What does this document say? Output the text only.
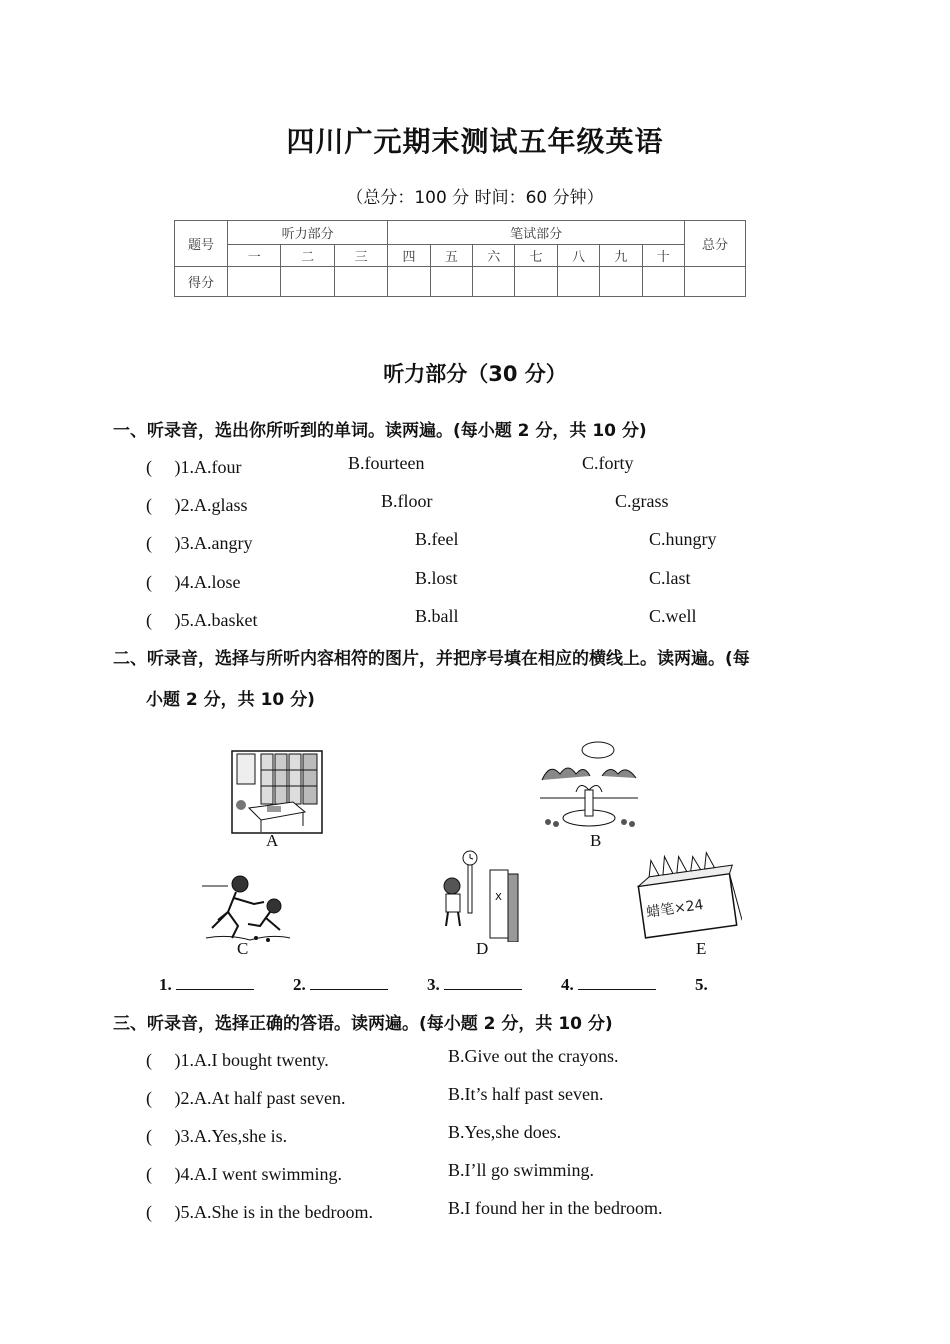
四川广元期末测试五年级英语
（总分：100 分 时间：60 分钟）
题号	听力部分			笔试部分							总分
	一	二	三	四	五	六	七	八	九	十	
得分											
听力部分（30 分）
一、听录音，选出你所听到的单词。读两遍。(每小题 2 分，共 10 分)
(　 )1.A.four	B.fourteen	C.forty
(　 )2.A.glass	B.floor	C.grass
(　 )3.A.angry	B.feel	C.hungry
(　 )4.A.lose	B.lost	C.last
(　 )5.A.basket	B.ball	C.well
二、听录音，选择与所听内容相符的图片，并把序号填在相应的横线上。读两遍。(每
小题 2 分，共 10 分)
A	B
C
X
D
蜡笔×24
E
1.	2.	3.	4.	5.
三、听录音，选择正确的答语。读两遍。(每小题 2 分，共 10 分)
(　 )1.A.I bought twenty.	B.Give out the crayons.
(　 )2.A.At half past seven.	B.It’s half past seven.
(　 )3.A.Yes,she is.	B.Yes,she does.
(　 )4.A.I went swimming.	B.I’ll go swimming.
(　 )5.A.She is in the bedroom.	B.I found her in the bedroom.
